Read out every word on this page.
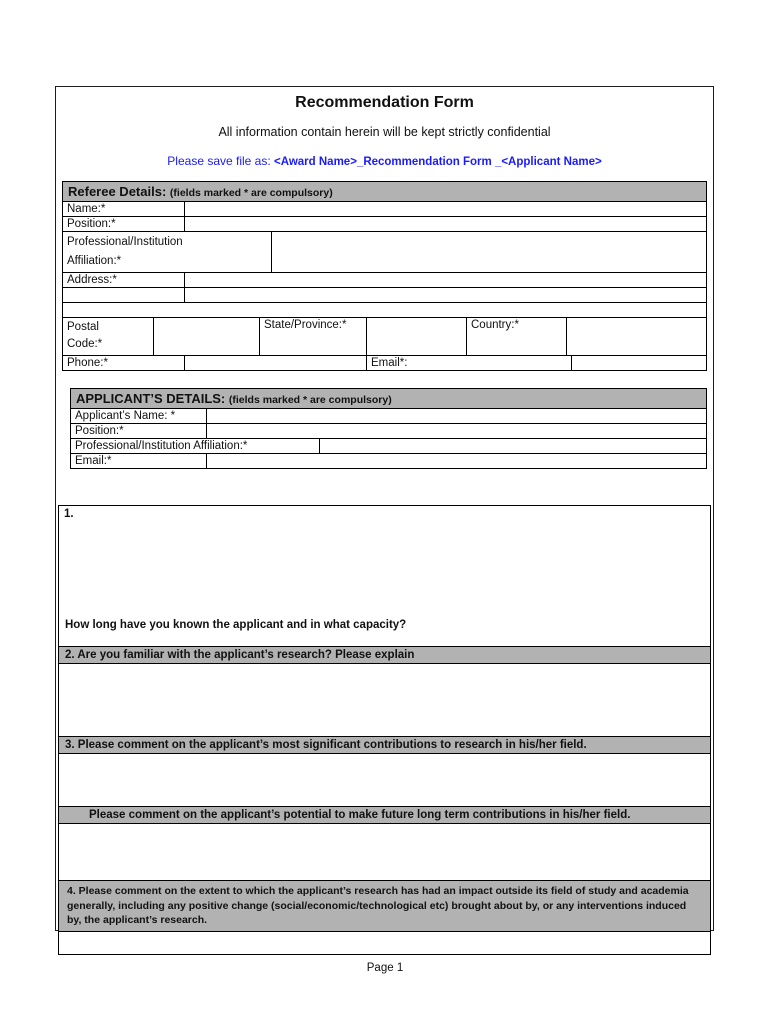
Recommendation Form
All information contain herein will be kept strictly confidential
Please save file as: <Award Name>_Recommendation Form _<Applicant Name>
Referee Details: (fields marked * are compulsory)
Name:*
Position:*
Professional/Institution Affiliation:*
Address:*
Postal Code:*
State/Province:*	Country:*
Phone:*	Email*:
APPLICANT’S DETAILS: (fields marked * are compulsory)
Applicant’s Name: *
Position:*
Professional/Institution Affiliation:*
Email:*
1.
How long have you known the applicant and in what capacity?
2. Are you familiar with the applicant’s research? Please explain
3. Please comment on the applicant’s most significant contributions to research in his/her field.
Please comment on the applicant’s potential to make future long term contributions in his/her field.
4. Please comment on the extent to which the applicant’s research has had an impact outside its field of study and academia generally, including any positive change (social/economic/technological etc) brought about by, or any interventions induced by, the applicant’s research.
Page 1
